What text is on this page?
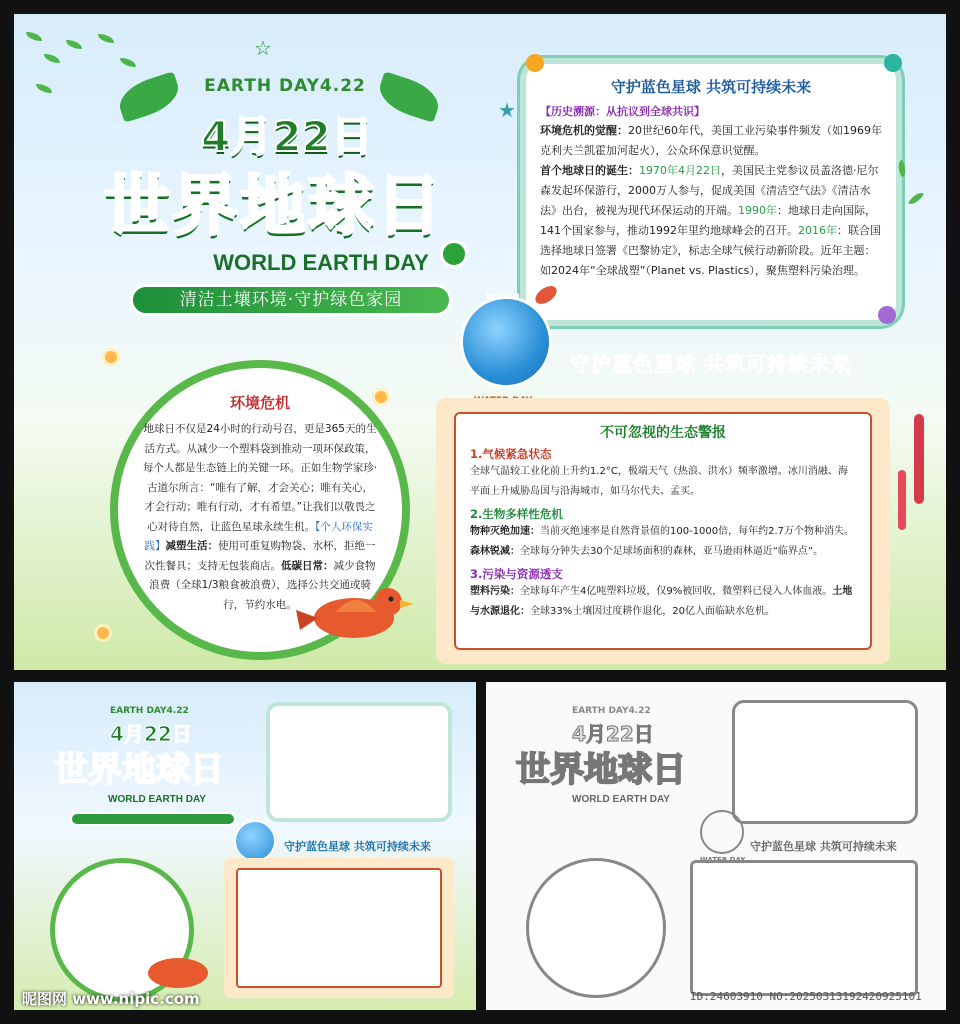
☆
EARTH DAY4.22
4月22日
世界地球日
WORLD EARTH DAY
清洁土壤环境·守护绿色家园
守护蓝色星球 共筑可持续未来
【历史溯源：从抗议到全球共识】

环境危机的觉醒：20世纪60年代，美国工业污染事件频发（如1969年克利夫兰凯霍加河起火），公众环保意识觉醒。

首个地球日的诞生：1970年4月22日，美国民主党参议员盖洛德·尼尔森发起环保游行，2000万人参与，促成美国《清洁空气法》《清洁水法》出台，被视为现代环保运动的开端。1990年：地球日走向国际，141个国家参与，推动1992年里约地球峰会的召开。2016年：联合国选择地球日签署《巴黎协定》，标志全球气候行动新阶段。近年主题：如2024年“全球战塑”（Planet vs. Plastics），聚焦塑料污染治理。

★
WORLD
守护蓝色星球 共筑可持续未来
环境危机

地球日不仅是24小时的行动号召，更是365天的生活方式。从减少一个塑料袋到推动一项环保政策，每个人都是生态链上的关键一环。正如生物学家珍·古道尔所言：“唯有了解，才会关心；唯有关心，才会行动；唯有行动，才有希望。”让我们以敬畏之心对待自然，让蓝色星球永续生机。【个人环保实践】减塑生活：使用可重复购物袋、水杯，拒绝一次性餐具；支持无包装商店。低碳日常：减少食物浪费（全球1/3粮食被浪费），选择公共交通或骑行，节约水电。

不可忽视的生态警报
1.气候紧急状态

全球气温较工业化前上升约1.2°C，极端天气（热浪、洪水）频率激增。冰川消融、海平面上升威胁岛国与沿海城市，如马尔代夫、孟买。

2.生物多样性危机

物种灭绝加速：当前灭绝速率是自然背景值的100-1000倍，每年约2.7万个物种消失。森林锐减：全球每分钟失去30个足球场面积的森林，亚马逊雨林逼近“临界点”。

3.污染与资源透支

塑料污染：全球每年产生4亿吨塑料垃圾，仅9%被回收，微塑料已侵入人体血液。土地与水源退化：全球33%土壤因过度耕作退化，20亿人面临缺水危机。

EARTH DAY4.22
4月22日
世界地球日
WORLD EARTH DAY
守护蓝色星球 共筑可持续未来
EARTH DAY4.22
4月22日
世界地球日
WORLD EARTH DAY
守护蓝色星球 共筑可持续未来
昵图网 www.nipic.com	ID:24603910 NO:20250313192420925101
